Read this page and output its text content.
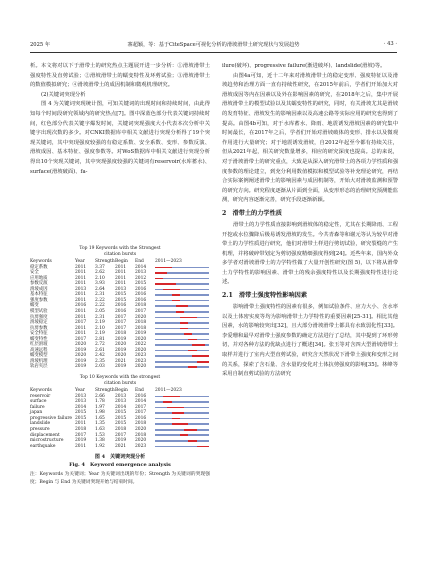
2025 年	寨超颖，等：基于CiteSpace可视化分析的滑坡滑带土研究现状与发展趋势	· 43 ·

析。本文将对以下于滑带土的研究热点主题展开进一步分析：①滑坡滑带土强度特性及直剪试验；②滑坡滑带土的蠕变特性及环剪试验；③滑坡滑带土的数值模拟研究；④滑坡滑带土的成因机制和微观机理研究。

(2)关键词突现分析

图 4 为关键词突现统计图，可知关键词的出现时间和持续时间，由此得知每个时间段研究领域内的研究热点[7]。图中深蓝色部分代表关键词持续时间，红色部分代表关键字爆发时间，关键词突现强度大小代表本次分析中关键字出现次数的多少。对CNKI数据库中相关文献进行突现分析得了19个突现关键词，其中突现强度较强的有稳定系数、安全系数、变形、参数反演、滑坡成因、基本特征、强度参数等。对WoS数据库中相关文献进行突现分析得出10个突现关键词，其中突现强度较强的关键词有reservoir(水库蓄水)、surface(滑坡破面)、fa-

Top 19 Keywords with the Strongest

citation bursts

Keywords	Year	Strength Begin	End	2011—2023
稳定系数	2011	3.37	2011	2014
安全	2011	2.62	2011	2013
应用地质	2011	2.10	2011	2012
参数反演	2011	3.93	2011	2015
滑坡成因	2013	2.64	2013	2016
基本特征	2011	2.31	2015	2016
强度参数	2011	2.22	2015	2016
蠕变	2016	2.22	2016	2018
模型试验	2011	2.05	2016	2017
抗剪强度	2011	2.31	2017	2020
滑坡稳定	2017	2.19	2017	2018
抗剪参数	2011	2.10	2017	2018
安全特征	2011	2.19	2018	2019
蠕变特性	2017	2.81	2019	2020
红层滑坡	2020	2.72	2020	2022
高速远程	2019	2.61	2019	2020
蠕变模型	2020	2.42	2020	2023
滑坡机理	2019	2.35	2021	2023
软岩夹层	2019	2.03	2019	2020

Top 10 Keywords with the strongest

citation bursts

Keywords	Year	Strength Begin	End	2011—2023
reservoir	2013	2.66	2013	2016
surface	2013	1.78	2013	2014
failure	2014	1.97	2014	2017
japan	2015	1.98	2015	2017
progressive failure 2015	1.65	2015	2016
landslide	2011	1.35	2015	2018
pressure	2018	1.63	2018	2020
displacement	2017	1.53	2017	2018
microstructure	2019	1.38	2019	2020
earthquake	2011	1.92	2021	2023
图 4　关键词突现分析
Fig. 4　Keyword emergence analysis
注：Keywords 为关键词；Year 为关键词出现的年份；Strength 为关键词的突现强度；Begin 与 End 为关键词突现开始与结束时间。

ilure(破坏)、progressive failure(渐进破坏)、landslide(滑坡)等。

由图4a可知，近十二年来对滑坡滑带土的稳定变形、强度特征以及滑坡趋势和治理方面一直有持续性研究，在2015年前后，学者们开始加大对滑坡成因等内在因素以及外在影响因素的研究，在2018年之后，集中开展滑坡滑带土的模型试验以及其蠕变特性的研究，同时，有关滑坡尤其是滑坡的发育特征、滑坡发生的影响因素以及高速公路等实际应用的研究也得到了提高。由图4b可知，对于水库蓄水、降雨、地震诱发滑坡因素的研究集中时间最长，在2017年之后，学者们开始对滑坡破体的变形、排水以及微观作用进行大量研究；对于地震诱发滑坡，自2012年起至今都有持续关注，但从2021年起，相关研究数量增多，相应的研究深度也提高。总的来说，对于滑坡滑带土的研究重点，大致是从深入研究滑带土的各项力学性质和强度参数的理论建立，到充分利用数值模拟和模型试验等补充理论研究，再结合实际案例阐述滑带土的影响因素与成因机制等，开始大对滑坡监测和预警的研究方向。研究程度逐渐从片面到全面，从变形形态的治理研究预测能监测，研究内容逐渐完善，研究手段逐渐新颖。

2　滑带土的力学性质

滑带土的力学性质直接影响到滑坡体的稳定性，尤其在长期降雨、工程开挖或水位骤降后极易诱发滑坡的发生。今共青森等和谢元等认为较早对滑带土的力学性质进行研究，他们对滑带土样进行剪切试验，研究裂缝的产生机理，并将破碎带划定为剪切强度精细强度得到[24]。近些年来，国内外众多学者对滑坡滑带土的力学特性做了大量开创性研究(图 5)，以下将从滑带土力学特性的影响因素、滑带土的残余强度特性以及长期强度特性进行论述。

2.1　滑带土强度特性影响因素

影响滑带土强度特性的因素有很多，例如试验条件、应力大小、含水率以及土体密实度等均为影响滑带土力学特性的重要因素[25-31]。相比其他因素，水的影响较突出[32]，且大部分滑坡滑带土都具有水致弱化性[33]。李爱珊和最早对滑带土强度参数的确定方法进行了总结，其中提到了环形剪切，并对各种方法的优缺点进行了概述[34]。张玉等对含四大型滑坡滑带土取样并进行了室内大型直剪试验，研究含天然状况下滑带土强度和变形之间的关系，探索了含石量、含水量的变化对土体抗剪强度的影响[35]。林峰等采用自制直剪试验的方法研究
